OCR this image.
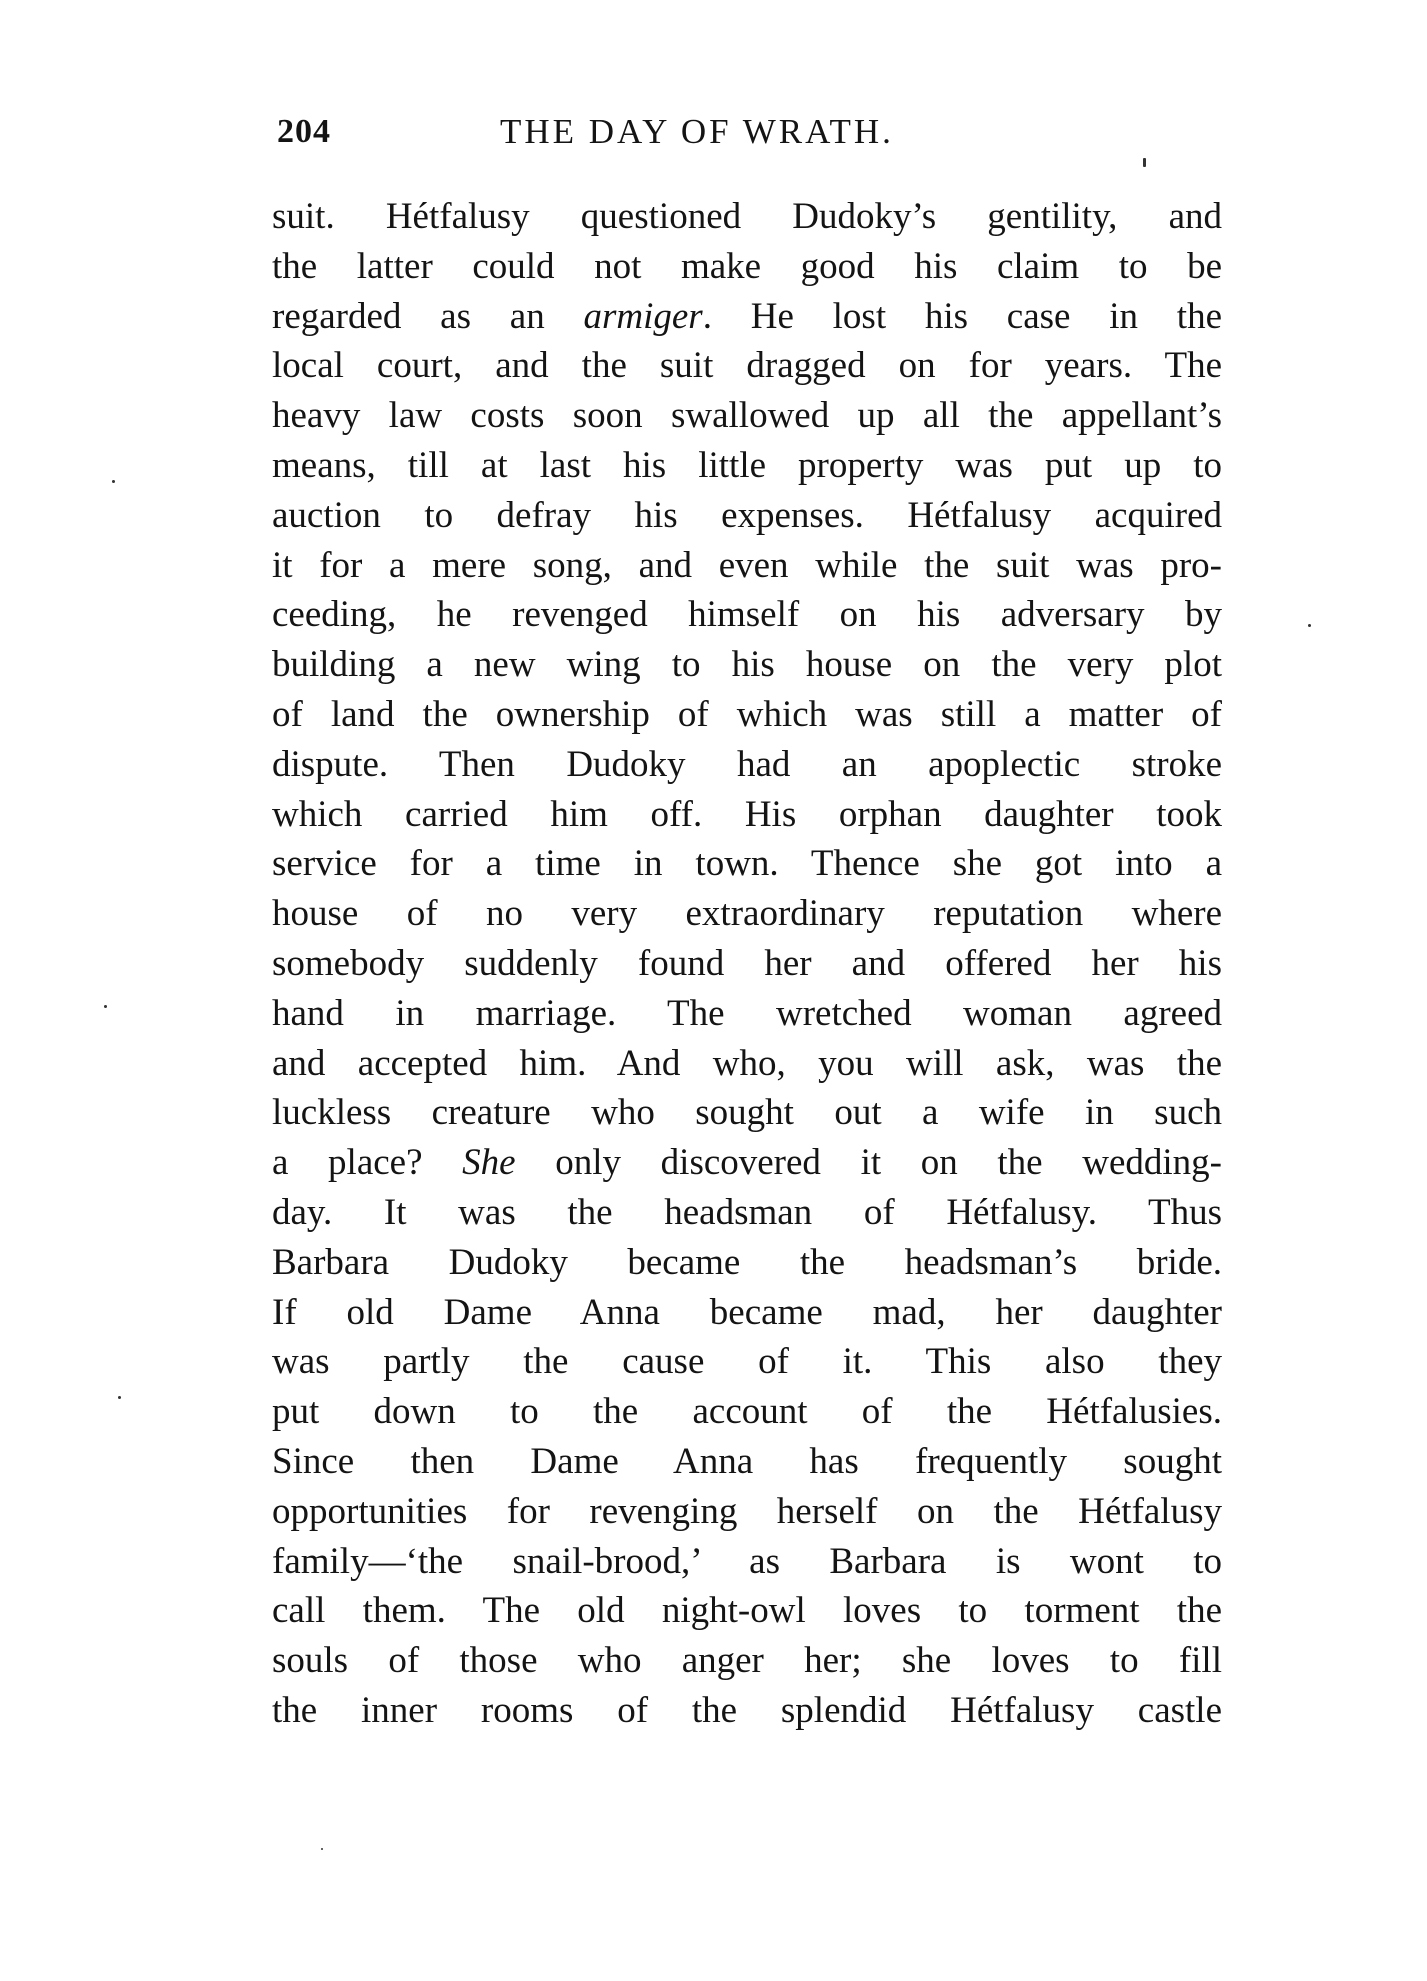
204	THE DAY OF WRATH.
suit. Hétfalusy questioned Dudoky’s gentility, and
the latter could not make good his claim to be
regarded as an armiger. He lost his case in the
local court, and the suit dragged on for years. The
heavy law costs soon swallowed up all the appellant’s
means, till at last his little property was put up to
auction to defray his expenses. Hétfalusy acquired
it for a mere song, and even while the suit was pro-
ceeding, he revenged himself on his adversary by
building a new wing to his house on the very plot
of land the ownership of which was still a matter of
dispute. Then Dudoky had an apoplectic stroke
which carried him off. His orphan daughter took
service for a time in town. Thence she got into a
house of no very extraordinary reputation where
somebody suddenly found her and offered her his
hand in marriage. The wretched woman agreed
and accepted him. And who, you will ask, was the
luckless creature who sought out a wife in such
a place? She only discovered it on the wedding-
day. It was the headsman of Hétfalusy. Thus
Barbara Dudoky became the headsman’s bride.
If old Dame Anna became mad, her daughter
was partly the cause of it. This also they
put down to the account of the Hétfalusies.
Since then Dame Anna has frequently sought
opportunities for revenging herself on the Hétfalusy
family—‘the snail-brood,’ as Barbara is wont to
call them. The old night-owl loves to torment the
souls of those who anger her; she loves to fill
the inner rooms of the splendid Hétfalusy castle
